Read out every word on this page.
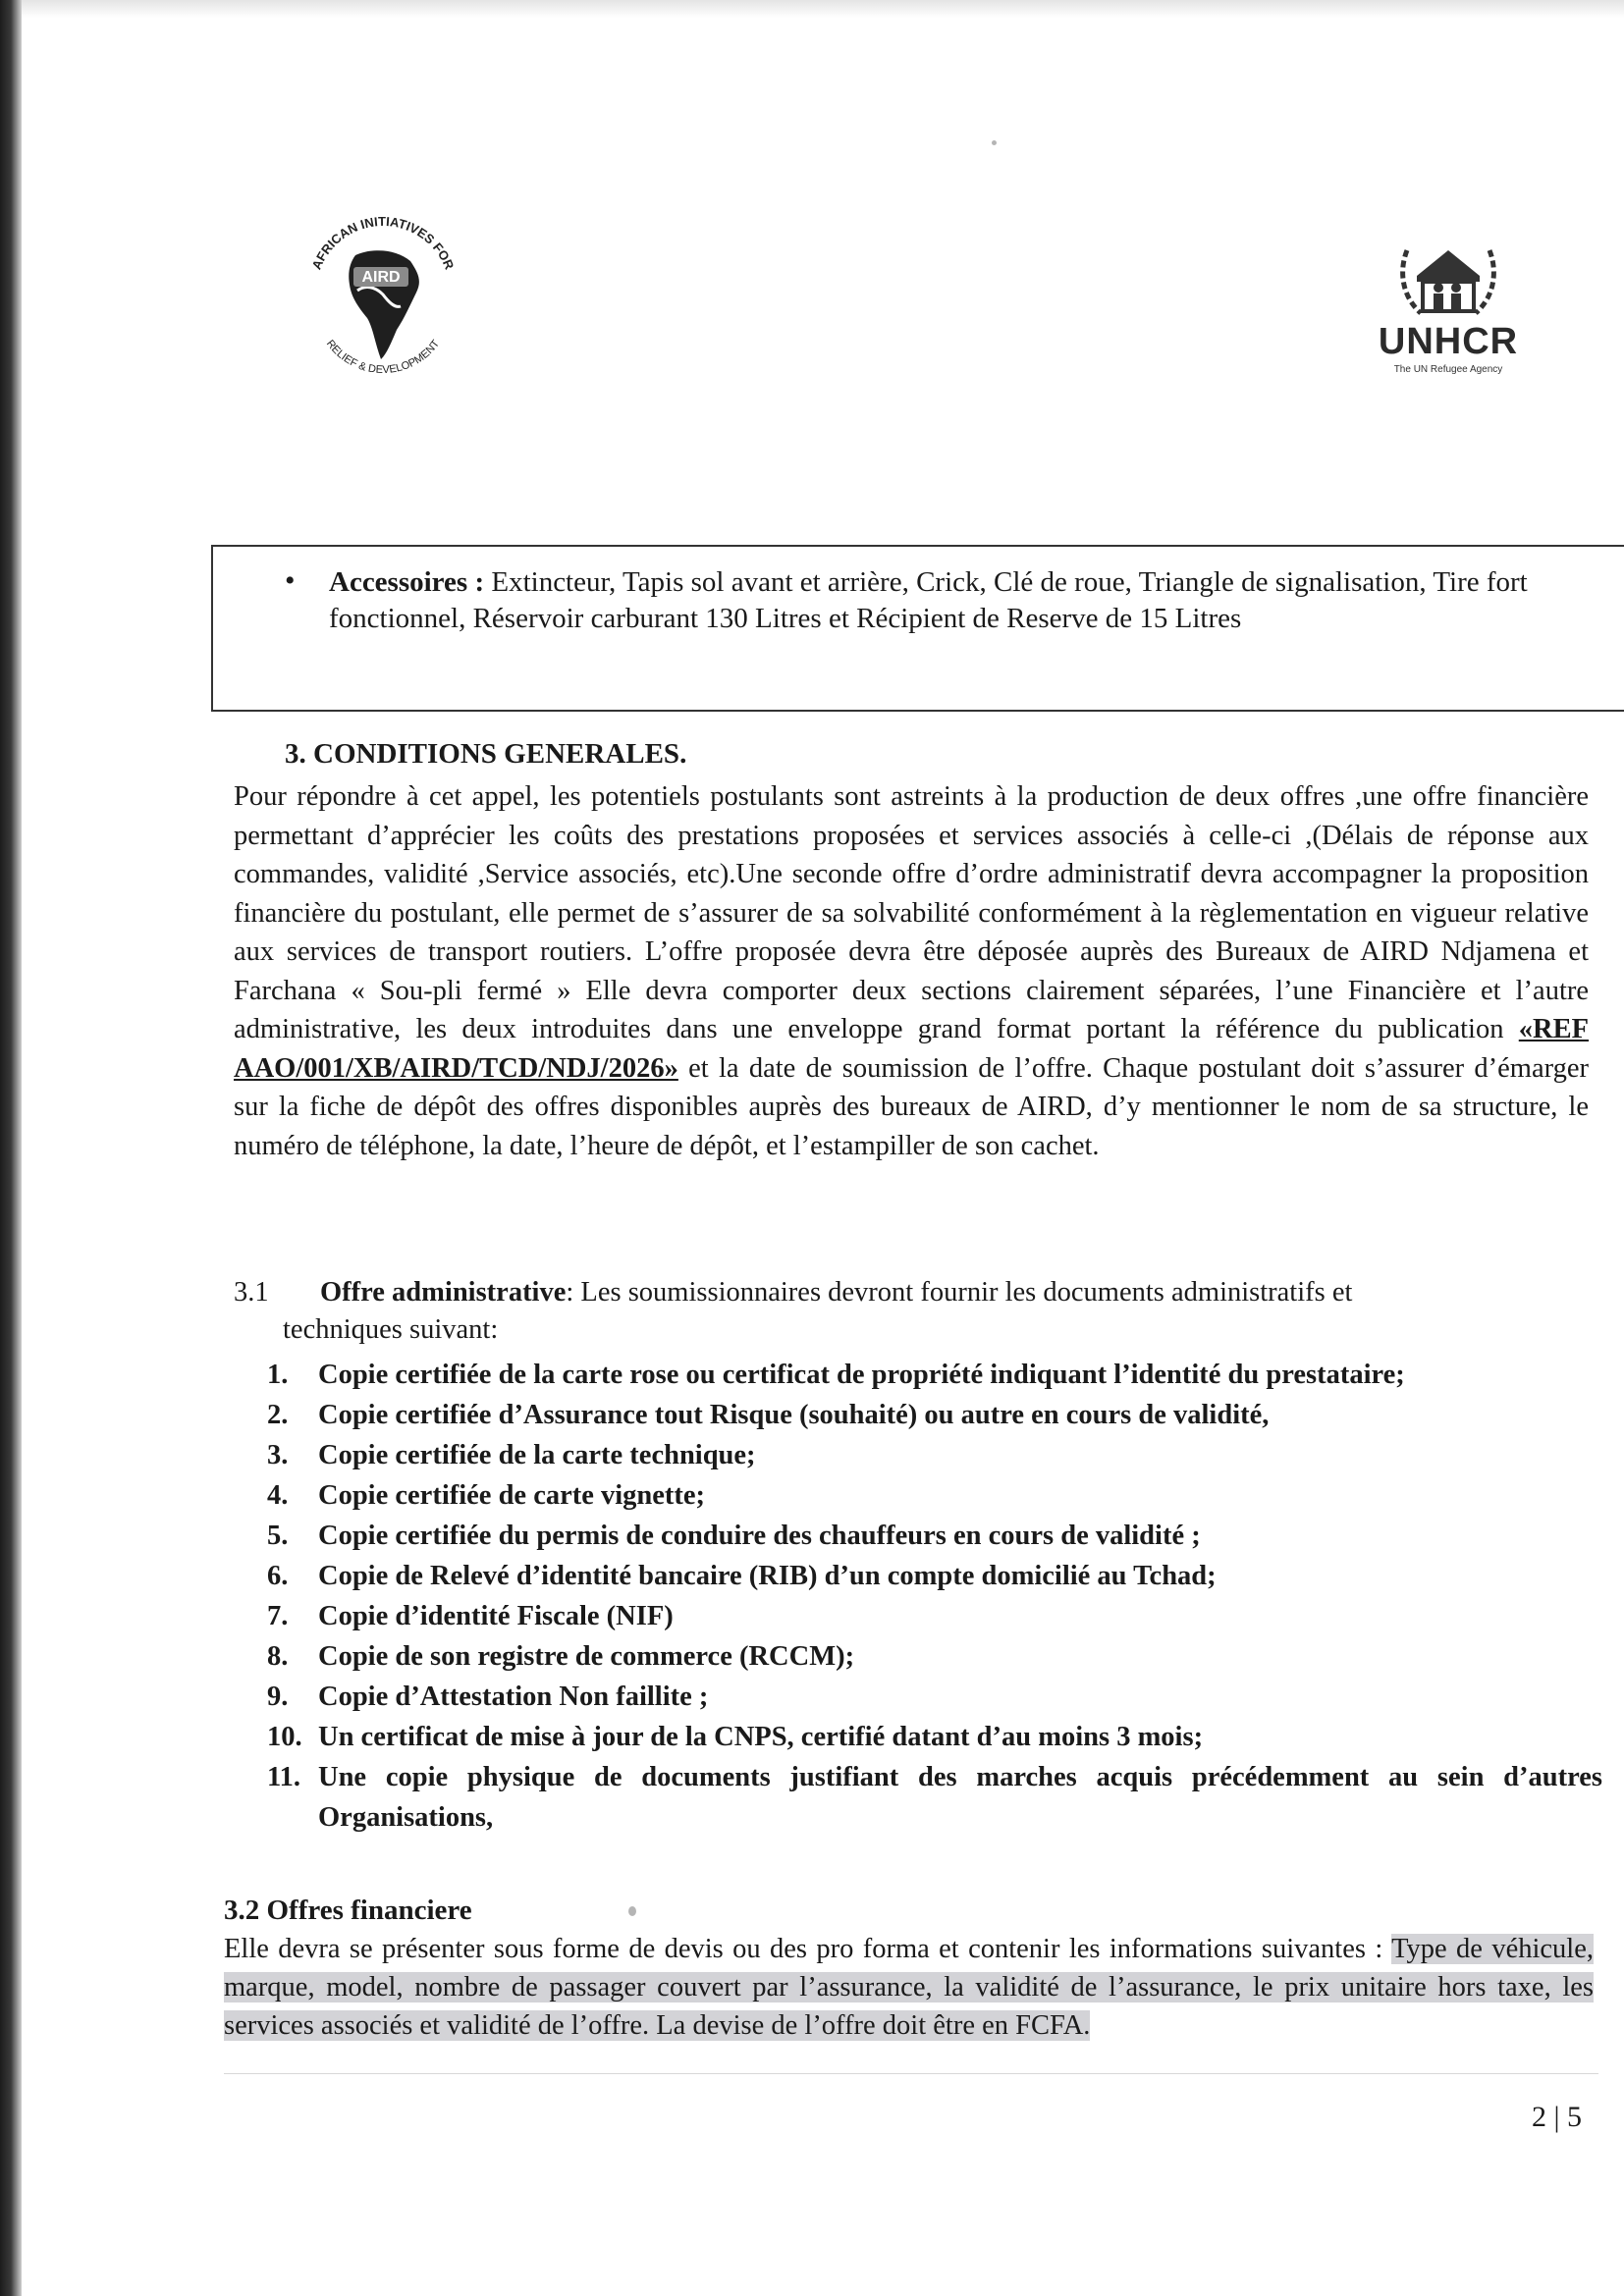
AFRICAN INITIATIVES FOR
AIRD
RELIEF & DEVELOPMENT	UNHCR
The UN Refugee Agency
• Accessoires : Extincteur, Tapis sol avant et arrière, Crick, Clé de roue, Triangle de signalisation, Tire fort fonctionnel, Réservoir carburant 130 Litres et Récipient de Reserve de 15 Litres
3. CONDITIONS GENERALES.
Pour répondre à cet appel, les potentiels postulants sont astreints à la production de deux offres ,une offre financière permettant d’apprécier les coûts des prestations proposées et services associés à celle-ci ,(Délais de réponse aux commandes, validité ,Service associés, etc).Une seconde offre d’ordre administratif devra accompagner la proposition financière du postulant, elle permet de s’assurer de sa solvabilité conformément à la règlementation en vigueur relative aux services de transport routiers. L’offre proposée devra être déposée auprès des Bureaux de AIRD Ndjamena et Farchana « Sou-pli fermé » Elle devra comporter deux sections clairement séparées, l’une Financière et l’autre administrative, les deux introduites dans une enveloppe grand format portant la référence du publication «REF AAO/001/XB/AIRD/TCD/NDJ/2026» et la date de soumission de l’offre. Chaque postulant doit s’assurer d’émarger sur la fiche de dépôt des offres disponibles auprès des bureaux de AIRD, d’y mentionner le nom de sa structure, le numéro de téléphone, la date, l’heure de dépôt, et l’estampiller de son cachet.
3.1 Offre administrative: Les soumissionnaires devront fournir les documents administratifs et
techniques suivant:
1.	Copie certifiée de la carte rose ou certificat de propriété indiquant l’identité du prestataire;
2.	Copie certifiée d’Assurance tout Risque (souhaité) ou autre en cours de validité,
3.	Copie certifiée de la carte technique;
4.	Copie certifiée de carte vignette;
5.	Copie certifiée du permis de conduire des chauffeurs en cours de validité ;
6.	Copie de Relevé d’identité bancaire (RIB) d’un compte domicilié au Tchad;
7.	Copie d’identité Fiscale (NIF)
8.	Copie de son registre de commerce (RCCM);
9.	Copie d’Attestation Non faillite ;
10. Un certificat de mise à jour de la CNPS, certifié datant d’au moins 3 mois;
11. Une copie physique de documents justifiant des marches acquis précédemment au sein d’autres Organisations,
3.2 Offres financiere
Elle devra se présenter sous forme de devis ou des pro forma et contenir les informations suivantes : Type de véhicule, marque, model, nombre de passager couvert par l’assurance, la validité de l’assurance, le prix unitaire hors taxe, les services associés et validité de l’offre. La devise de l’offre doit être en FCFA.
2 | 5
